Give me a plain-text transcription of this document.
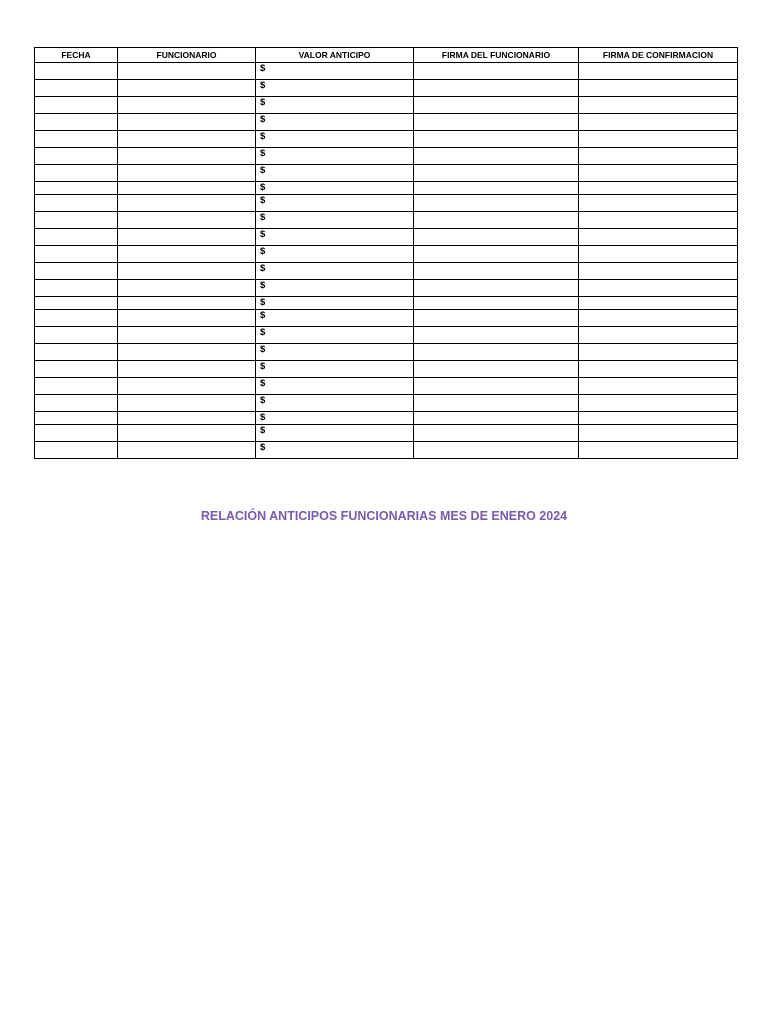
FECHA	FUNCIONARIO	VALOR ANTICIPO	FIRMA DEL FUNCIONARIO	FIRMA DE CONFIRMACION
		$		
		$		
		$		
		$		
		$		
		$		
		$		
		$		
		$		
		$		
		$		
		$		
		$		
		$		
		$		
		$		
		$		
		$		
		$		
		$		
		$		
		$		
		$		
		$		
RELACIÓN ANTICIPOS FUNCIONARIAS MES DE ENERO 2024
